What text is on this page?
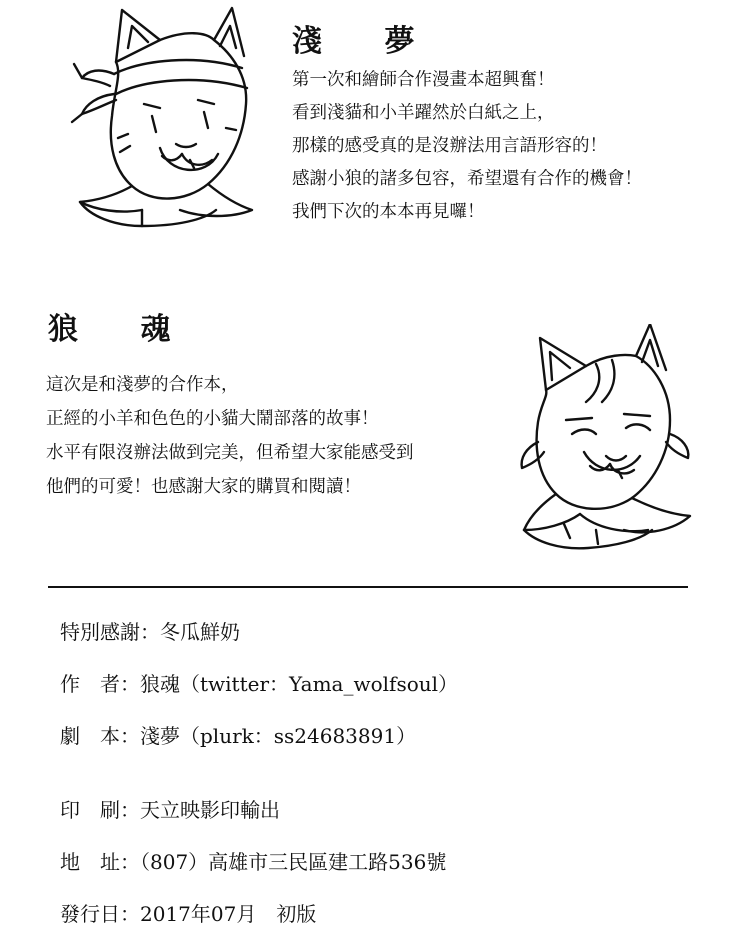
淺 夢
第一次和繪師合作漫畫本超興奮！
看到淺貓和小羊躍然於白紙之上，
那樣的感受真的是沒辦法用言語形容的！
感謝小狼的諸多包容，希望還有合作的機會！
我們下次的本本再見囉！
狼 魂
這次是和淺夢的合作本，
正經的小羊和色色的小貓大鬧部落的故事！
水平有限沒辦法做到完美，但希望大家能感受到
他們的可愛！也感謝大家的購買和閱讀！
特別感謝：冬瓜鮮奶
作　者：狼魂（twitter：Yama_wolfsoul）
劇　本：淺夢（plurk：ss24683891）
印　刷：天立映影印輸出
地　址：（807）高雄市三民區建工路536號
發行日：2017年07月　初版
